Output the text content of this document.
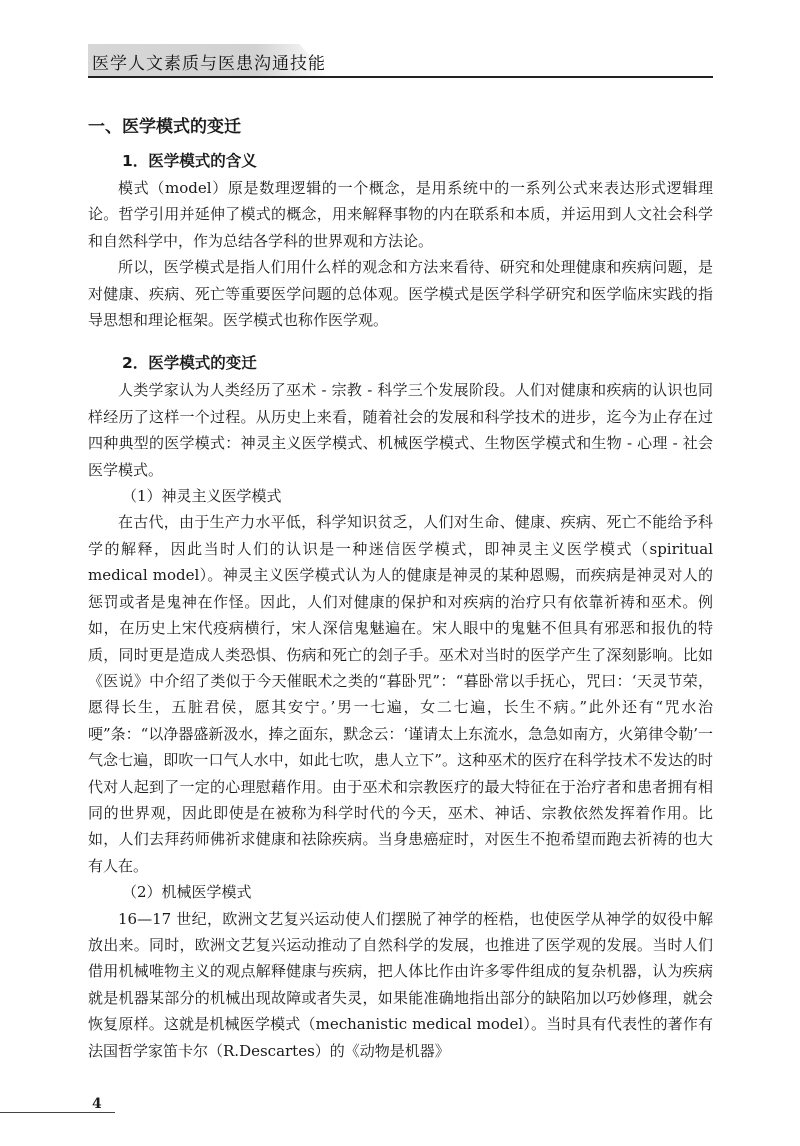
医学人文素质与医患沟通技能
一、医学模式的变迁
1．医学模式的含义

模式（model）原是数理逻辑的一个概念，是用系统中的一系列公式来表达形式逻辑理论。哲学引用并延伸了模式的概念，用来解释事物的内在联系和本质，并运用到人文社会科学和自然科学中，作为总结各学科的世界观和方法论。

所以，医学模式是指人们用什么样的观念和方法来看待、研究和处理健康和疾病问题，是对健康、疾病、死亡等重要医学问题的总体观。医学模式是医学科学研究和医学临床实践的指导思想和理论框架。医学模式也称作医学观。

2．医学模式的变迁

人类学家认为人类经历了巫术 - 宗教 - 科学三个发展阶段。人们对健康和疾病的认识也同样经历了这样一个过程。从历史上来看，随着社会的发展和科学技术的进步，迄今为止存在过四种典型的医学模式：神灵主义医学模式、机械医学模式、生物医学模式和生物 - 心理 - 社会医学模式。

（1）神灵主义医学模式

在古代，由于生产力水平低，科学知识贫乏，人们对生命、健康、疾病、死亡不能给予科学的解释，因此当时人们的认识是一种迷信医学模式，即神灵主义医学模式（spiritual medical model）。神灵主义医学模式认为人的健康是神灵的某种恩赐，而疾病是神灵对人的惩罚或者是鬼神在作怪。因此，人们对健康的保护和对疾病的治疗只有依靠祈祷和巫术。例如，在历史上宋代疫病横行，宋人深信鬼魅遍在。宋人眼中的鬼魅不但具有邪恶和报仇的特质，同时更是造成人类恐惧、伤病和死亡的刽子手。巫术对当时的医学产生了深刻影响。比如《医说》中介绍了类似于今天催眠术之类的“暮卧咒”：“暮卧常以手抚心，咒曰：‘天灵节荣，愿得长生，五脏君侯，愿其安宁。’男一七遍，女二七遍，长生不病。”此外还有“咒水治哽”条：“以净器盛新汲水，捧之面东，默念云：‘谨请太上东流水，急急如南方，火第律令勒’一气念七遍，即吹一口气人水中，如此七吹，患人立下”。这种巫术的医疗在科学技术不发达的时代对人起到了一定的心理慰藉作用。由于巫术和宗教医疗的最大特征在于治疗者和患者拥有相同的世界观，因此即使是在被称为科学时代的今天，巫术、神话、宗教依然发挥着作用。比如，人们去拜药师佛祈求健康和祛除疾病。当身患癌症时，对医生不抱希望而跑去祈祷的也大有人在。

（2）机械医学模式

16—17 世纪，欧洲文艺复兴运动使人们摆脱了神学的桎梏，也使医学从神学的奴役中解放出来。同时，欧洲文艺复兴运动推动了自然科学的发展，也推进了医学观的发展。当时人们借用机械唯物主义的观点解释健康与疾病，把人体比作由许多零件组成的复杂机器，认为疾病就是机器某部分的机械出现故障或者失灵，如果能准确地指出部分的缺陷加以巧妙修理，就会恢复原样。这就是机械医学模式（mechanistic medical model）。当时具有代表性的著作有法国哲学家笛卡尔（R.Descartes）的《动物是机器》

4
